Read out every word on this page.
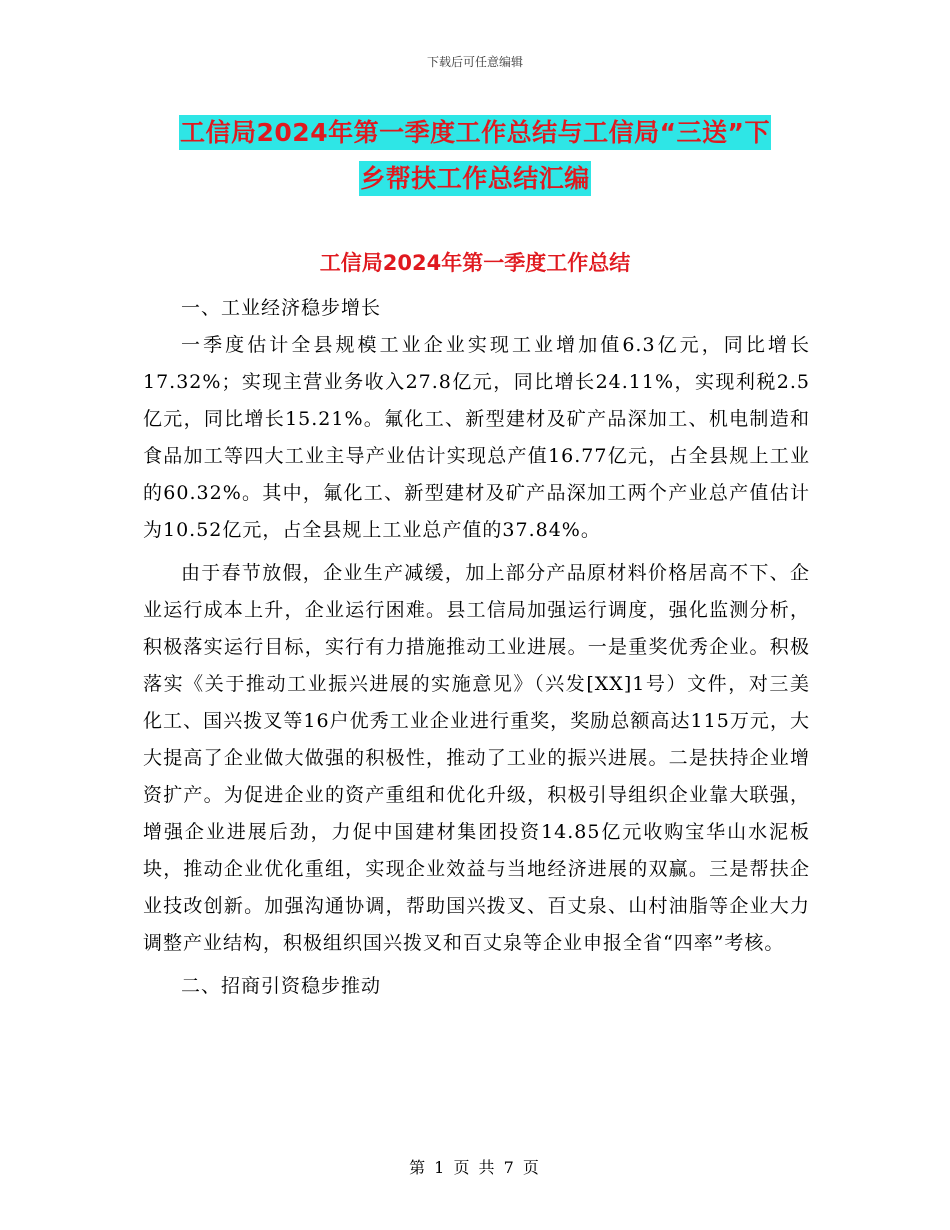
下载后可任意编辑
工信局2024年第一季度工作总结与工信局“三送”下
乡帮扶工作总结汇编
工信局2024年第一季度工作总结

一、工业经济稳步增长

一季度估计全县规模工业企业实现工业增加值6.3亿元，同比增长17.32%；实现主营业务收入27.8亿元，同比增长24.11%，实现利税2.5亿元，同比增长15.21%。氟化工、新型建材及矿产品深加工、机电制造和食品加工等四大工业主导产业估计实现总产值16.77亿元，占全县规上工业的60.32%。其中，氟化工、新型建材及矿产品深加工两个产业总产值估计为10.52亿元，占全县规上工业总产值的37.84%。

由于春节放假，企业生产减缓，加上部分产品原材料价格居高不下、企业运行成本上升，企业运行困难。县工信局加强运行调度，强化监测分析，积极落实运行目标，实行有力措施推动工业进展。一是重奖优秀企业。积极落实《关于推动工业振兴进展的实施意见》（兴发[XX]1号）文件，对三美化工、国兴拨叉等16户优秀工业企业进行重奖，奖励总额高达115万元，大大提高了企业做大做强的积极性，推动了工业的振兴进展。二是扶持企业增资扩产。为促进企业的资产重组和优化升级，积极引导组织企业靠大联强，增强企业进展后劲，力促中国建材集团投资14.85亿元收购宝华山水泥板块，推动企业优化重组，实现企业效益与当地经济进展的双赢。三是帮扶企业技改创新。加强沟通协调，帮助国兴拨叉、百丈泉、山村油脂等企业大力调整产业结构，积极组织国兴拨叉和百丈泉等企业申报全省“四率”考核。

二、招商引资稳步推动

第 1 页 共 7 页
